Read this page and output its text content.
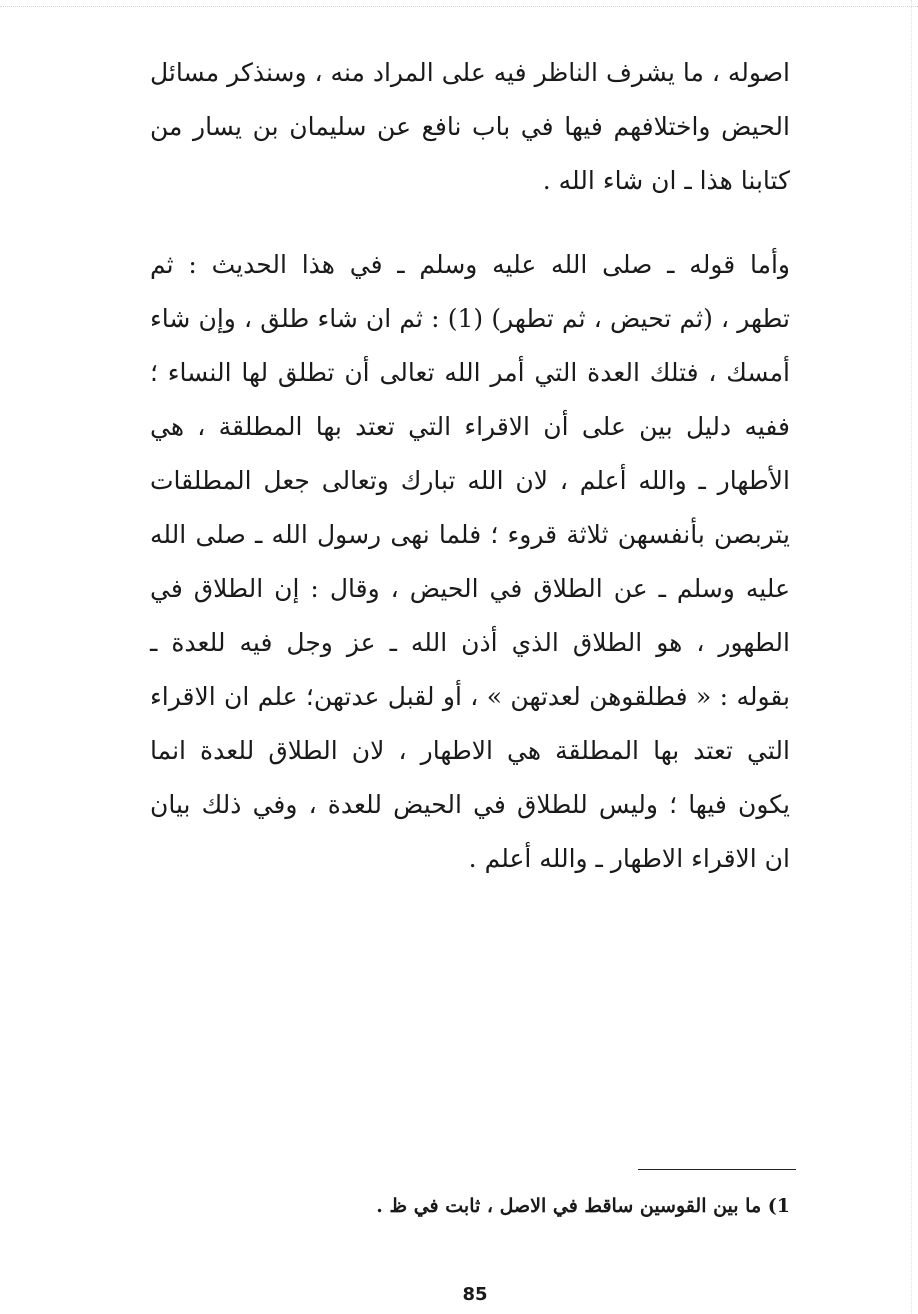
اصوله ، ما يشرف الناظر فيه على المراد منه ، وسنذكر مسائل
الحيض واختلافهم فيها في باب نافع عن سليمان بن يسار من
كتابنا هذا ـ ان شاء الله .
وأما قوله ـ صلى الله عليه وسلم ـ في هذا الحديث : ثم
تطهر ، (ثم تحيض ، ثم تطهر) (1) : ثم ان شاء طلق ، وإن شاء
أمسك ، فتلك العدة التي أمر الله تعالى أن تطلق لها النساء ؛
ففيه دليل بين على أن الاقراء التي تعتد بها المطلقة ، هي
الأطهار ـ والله أعلم ، لان الله تبارك وتعالى جعل المطلقات
يتربصن بأنفسهن ثلاثة قروء ؛ فلما نهى رسول الله ـ صلى الله
عليه وسلم ـ عن الطلاق في الحيض ، وقال : إن الطلاق في
الطهور ، هو الطلاق الذي أذن الله ـ عز وجل فيه للعدة ـ
بقوله : « فطلقوهن لعدتهن » ، أو لقبل عدتهن؛ علم ان الاقراء
التي تعتد بها المطلقة هي الاطهار ، لان الطلاق للعدة انما
يكون فيها ؛ وليس للطلاق في الحيض للعدة ، وفي ذلك بيان
ان الاقراء الاطهار ـ والله أعلم .
1) ما بين القوسين ساقط في الاصل ، ثابت في ظ .
85
